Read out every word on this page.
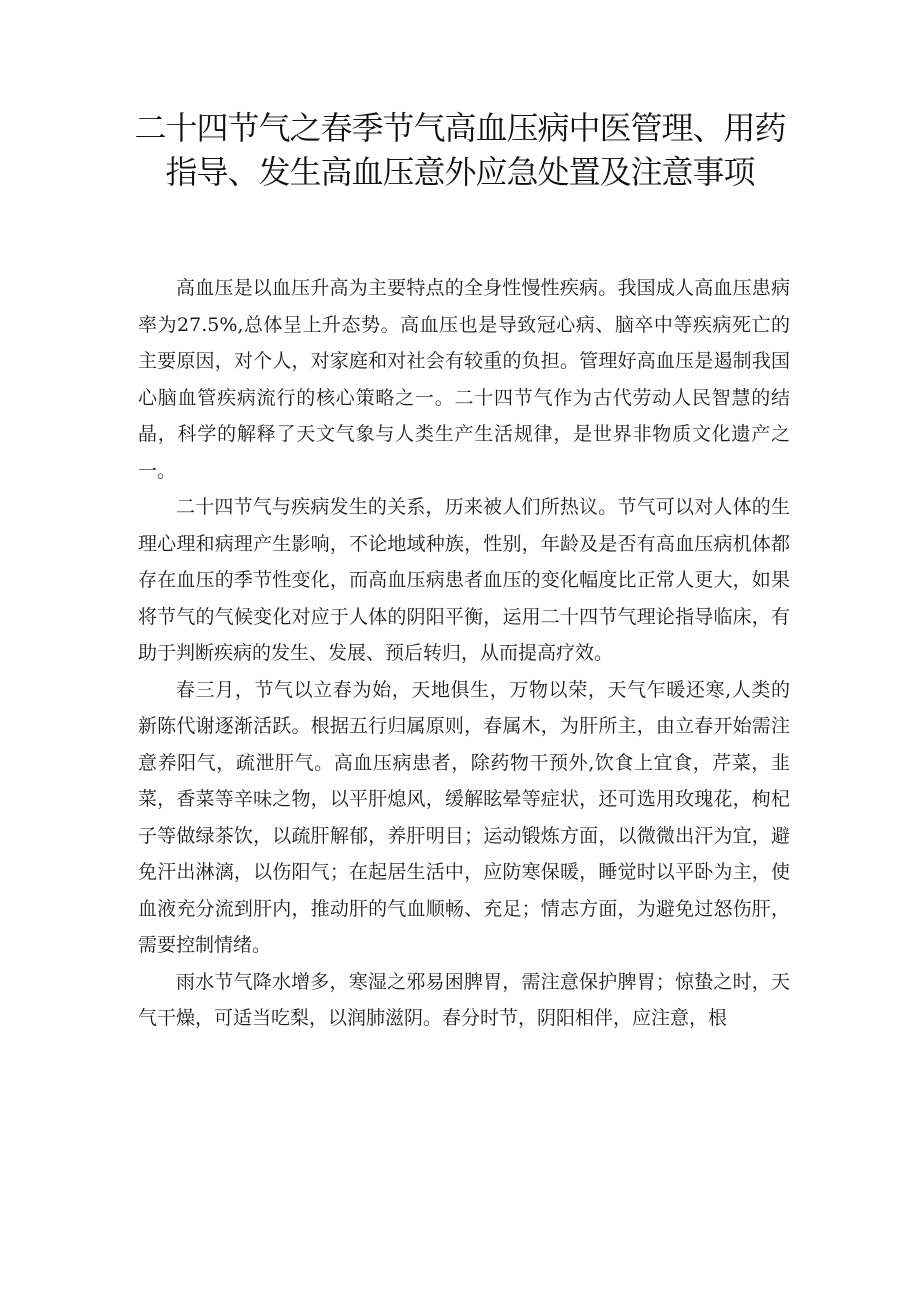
二十四节气之春季节气高血压病中医管理、用药指导、发生高血压意外应急处置及注意事项

高血压是以血压升高为主要特点的全身性慢性疾病。我国成人高血压患病率为27.5%,总体呈上升态势。高血压也是导致冠心病、脑卒中等疾病死亡的主要原因，对个人，对家庭和对社会有较重的负担。管理好高血压是遏制我国心脑血管疾病流行的核心策略之一。二十四节气作为古代劳动人民智慧的结晶，科学的解释了天文气象与人类生产生活规律，是世界非物质文化遗产之一。

二十四节气与疾病发生的关系，历来被人们所热议。节气可以对人体的生理心理和病理产生影响，不论地域种族，性别，年龄及是否有高血压病机体都存在血压的季节性变化，而高血压病患者血压的变化幅度比正常人更大，如果将节气的气候变化对应于人体的阴阳平衡，运用二十四节气理论指导临床，有助于判断疾病的发生、发展、预后转归，从而提高疗效。

春三月，节气以立春为始，天地俱生，万物以荣，天气乍暖还寒,人类的新陈代谢逐渐活跃。根据五行归属原则，春属木，为肝所主，由立春开始需注意养阳气，疏泄肝气。高血压病患者，除药物干预外,饮食上宜食，芹菜，韭菜，香菜等辛味之物，以平肝熄风，缓解眩晕等症状，还可选用玫瑰花，枸杞子等做绿茶饮，以疏肝解郁，养肝明目；运动锻炼方面，以微微出汗为宜，避免汗出淋漓，以伤阳气；在起居生活中，应防寒保暖，睡觉时以平卧为主，使血液充分流到肝内，推动肝的气血顺畅、充足；情志方面，为避免过怒伤肝，需要控制情绪。

雨水节气降水增多，寒湿之邪易困脾胃，需注意保护脾胃；惊蛰之时，天气干燥，可适当吃梨，以润肺滋阴。春分时节，阴阳相伴，应注意，根
